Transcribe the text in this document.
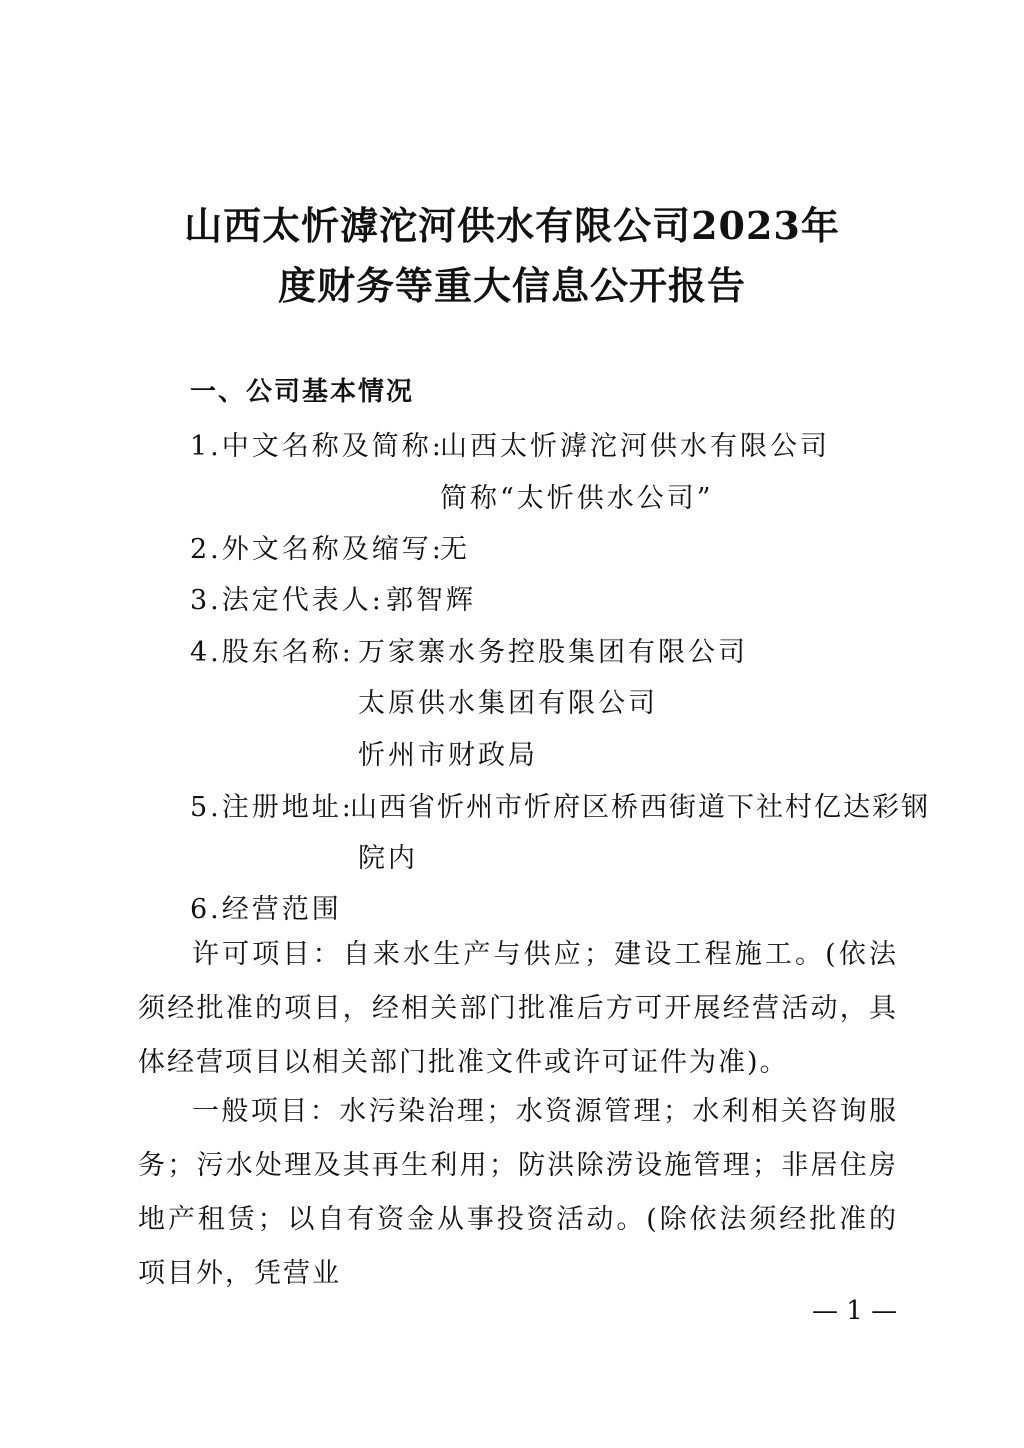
山西太忻滹沱河供水有限公司2023年
度财务等重大信息公开报告
一、公司基本情况
1.中文名称及简称:
山西太忻滹沱河供水有限公司
简称“太忻供水公司”
2.外文名称及缩写:
无
3.法定代表人: 郭智辉
4.股东名称: 万家寨水务控股集团有限公司
太原供水集团有限公司
忻州市财政局
5.注册地址:
山西省忻州市忻府区桥西街道下社村亿达彩钢
院内
6.经营范围
许可项目：自来水生产与供应；建设工程施工。(依法须经批准的项目，经相关部门批准后方可开展经营活动，具体经营项目以相关部门批准文件或许可证件为准)。
一般项目：水污染治理；水资源管理；水利相关咨询服务；污水处理及其再生利用；防洪除涝设施管理；非居住房地产租赁；以自有资金从事投资活动。(除依法须经批准的项目外，凭营业
— 1 —
